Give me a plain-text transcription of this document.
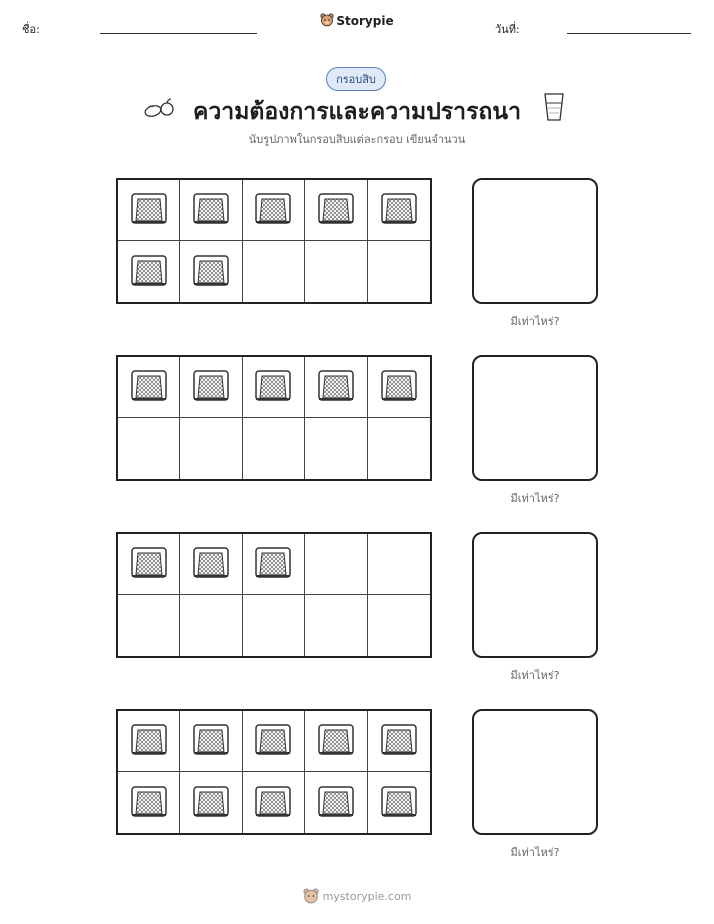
ชื่อ:
Storypie
วันที่:
กรอบสิบ
ความต้องการและความปรารถนา
นับรูปภาพในกรอบสิบแต่ละกรอบ เขียนจำนวน
มีเท่าไหร่?
มีเท่าไหร่?
มีเท่าไหร่?
มีเท่าไหร่?
mystorypie.com
